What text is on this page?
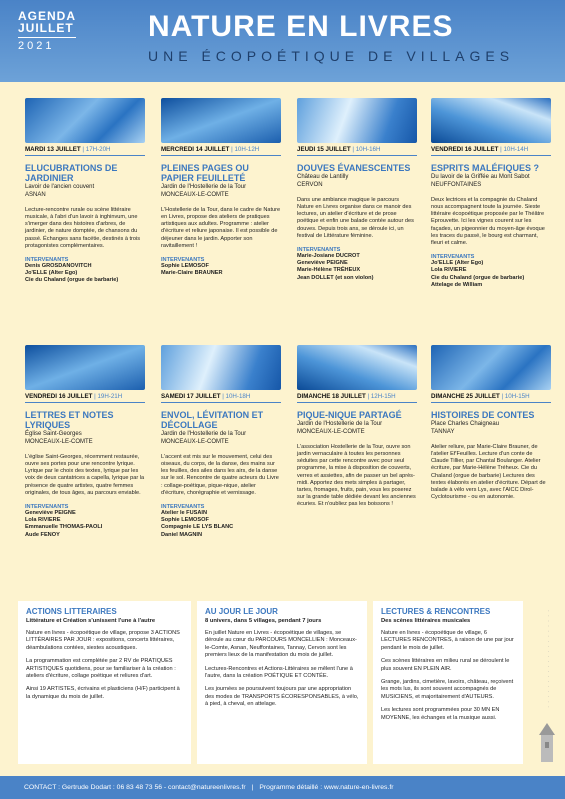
AGENDA
JUILLET
2021
NATURE EN LIVRES
UNE ÉCOPOÉTIQUE DE VILLAGES
MARDI 13 JUILLET | 17H-20H
ELUCUBRATIONS DE JARDINIER
Lavoir de l'ancien couvent
ASNAN
Lecture-rencontre rurale ou scène littéraire musicale, à l'abri d'un lavoir à inghinvum, une s'imerger dans des histoires d'arbres, de jardinier, de nature domptée, de chansons du passé. Échanges sans facétie, destinés à trois protagonistes complémentaires.
INTERVENANTS
Denis GROSDANOVITCH
Jo'ELLE (Alter Ego)
Cie du Chaland (orgue de barbarie)
MERCREDI 14 JUILLET | 10H-12H
PLEINES PAGES OU PAPIER FEUILLETÉ
Jardin de l'Hostellerie de la Tour
MONCEAUX-LE-COMTE
L'Hostellerie de la Tour, dans le cadre de Nature en Livres, propose des ateliers de pratiques artistiques aux adultes. Programme : atelier d'écriture et reliure japonaise. Il est possible de déjeuner dans le jardin. Apporter son ravitaillement !
INTERVENANTS
Sophie LEMOSOF
Marie-Claire BRAUNER
JEUDI 15 JUILLET | 10H-16H
DOUVES ÉVANESCENTES
Château de Lantilly
CERVON
Dans une ambiance magique le parcours Nature en Livres organise dans ce manoir des lectures, un atelier d'écriture et de prose poétique et enfin une balade contée autour des douves. Depuis trois ans, se déroule ici, un festival de Littérature féminine.
INTERVENANTS
Marie-Josiane DUCROT
Geneviève PEIGNE
Marie-Hélène TRÉHEUX
Jean DOLLET (et son violon)
VENDREDI 16 JUILLET | 10H-14H
ESPRITS MALÉFIQUES ?
Du lavoir de la Griffée au Mont Sabot
NEUFFONTAINES
Deux lectrices et la compagnie du Chaland nous accompagnent toute la journée. Sieste littéraire écopoétique proposée par le Théâtre Eprouvette. Ici les vignes courent sur les façades, un pigeonnier du moyen-âge évoque les traces du passé, le bourg est charmant, fleuri et calme.
INTERVENANTS
Jo'ELLE (Alter Ego)
Lola RIVIERE
Cie du Chaland (orgue de barbarie)
Attelage de William
VENDREDI 16 JUILLET | 19H-21H
LETTRES ET NOTES LYRIQUES
Église Saint-Georges
MONCEAUX-LE-COMTE
L'église Saint-Georges, récemment restaurée, ouvre ses portes pour une rencontre lyrique. Lyrique par le choix des textes, lyrique par les voix de deux cantatrices a capella, lyrique par la présence de quatre artistes, quatre femmes originales, de tous âges, au parcours enviable.
INTERVENANTS
Geneviève PEIGNE
Lola RIVIERE
Emmanuelle THOMAS-PAOLI
Aude FENOY
SAMEDI 17 JUILLET | 10H-18H
ENVOL, LÉVITATION ET DÉCOLLAGE
Jardin de l'Hostellerie de la Tour
MONCEAUX-LE-COMTE
L'accent est mis sur le mouvement, celui des oiseaux, du corps, de la danse, des mains sur les feuilles, des ailes dans les airs, de la danse sur le sol. Rencontre de quatre acteurs du Livre : collage-poétique, pique-nique, atelier d'écriture, chorégraphie et vernissage.
INTERVENANTS
Atelier le FUSAIN
Sophie LEMOSOF
Compagnie LE LYS BLANC
Daniel MAGNIN
DIMANCHE 18 JUILLET | 12H-15H
PIQUE-NIQUE PARTAGÉ
Jardin de l'Hostellerie de la Tour
MONCEAUX-LE-COMTE
L'association Hostellerie de la Tour, ouvre son jardin vernaculaire à toutes les personnes séduites par cette rencontre avec pour seul programme, la mise à disposition de couverts, verres et assiettes, afin de passer un bel après-midi. Apportez des mets simples à partager, tartes, fromages, fruits, pain, vous les poserez sur la grande table dédiée devant les anciennes écuries. Et n'oubliez pas les boissons !
DIMANCHE 25 JUILLET | 10H-15H
HISTOIRES DE CONTES
Place Charles Chaigneau
TANNAY
Atelier reliure, par Marie-Claire Brauner, de l'atelier Ef'Feuilles. Lecture d'un conte de Claude Tillier, par Chantal Boulanger. Atelier écriture, par Marie-Hélène Tréheux. Cie du Chaland (orgue de barbarie) Lectures des textes élaborés en atelier d'écriture. Départ de balade à vélo vers Lys, avec l'AICC Dirol-Cyclotourisme - ou en autonomie.
ACTIONS LITTERAIRES
Littérature et Création s'unissent l'une à l'autre

Nature en livres - écopoétique de village, propose 3 ACTIONS LITTÉRAIRES PAR JOUR : expositions, concerts littéraires, déambulations contées, siestes acoustiques.

La programmation est complétée par 2 RV de PRATIQUES ARTISTIQUES quotidiens, pour se familiariser à la création : ateliers d'écriture, collage poétique et reliures d'art.

Ainsi 19 ARTISTES, écrivains et plasticiens (H/F) participent à la dynamique du mois de juillet.

AU JOUR LE JOUR
8 univers, dans 5 villages, pendant 7 jours

En juillet Nature en Livres - écopoétique de villages, se déroule au cœur du PARCOURS MONCELLIEN : Monceaux-le-Comte, Asnan, Neuffontaines, Tannay, Cervon sont les premiers lieux de la manifestation du mois de juillet.

Lectures-Rencontres et Actions-Littéraires se mêlent l'une à l'autre, dans la création POÉTIQUE ET CONTÉE.

Les journées se poursuivent toujours par une appropriation des modes de TRANSPORTS ÉCORESPONSABLES, à vélo, à pied, à cheval, en attelage.

LECTURES & RENCONTRES
Des scènes littéraires musicales

Nature en livres - écopoétique de village, 6 LECTURES RENCONTRES, à raison de une par jour pendant le mois de juillet.

Ces scènes littéraires en milieu rural se déroulent le plus souvent EN PLEIN AIR.

Grange, jardins, cimetière, lavoirs, château, reçoivent les mots lus, ils sont souvent accompagnés de MUSICIENS, et majoritairement d'AUTEURS.

Les lectures sont programmées pour 30 MN EN MOYENNE, les échanges et la musique aussi.

· · · · · · · · · · · · · · · · · · · ·
CONTACT : Gertrude Dodart : 06 83 48 73 56 - contact@natureenlivres.fr | Programme détaillé : www.nature-en-livres.fr
